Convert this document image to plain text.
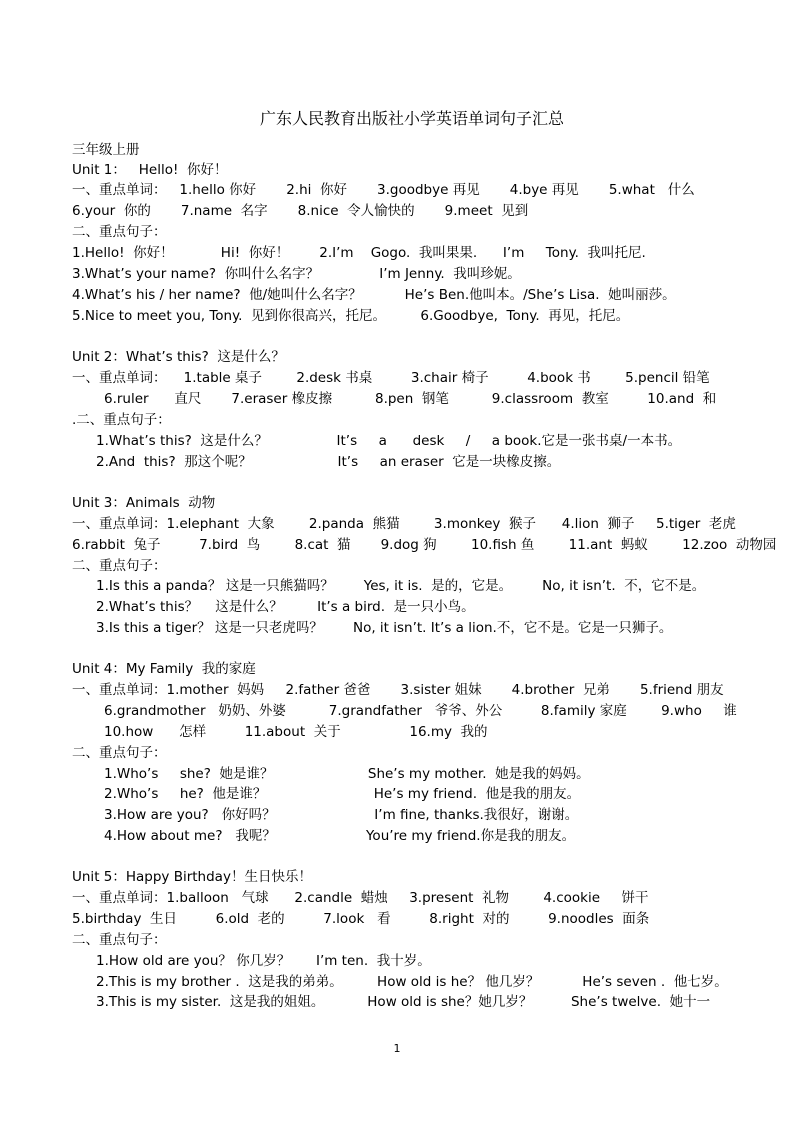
广东人民教育出版社小学英语单词句子汇总
三年级上册
Unit 1：   Hello!  你好！
一、重点单词：   1.hello 你好       2.hi  你好       3.goodbye 再见       4.bye 再见       5.what   什么
6.your  你的       7.name  名字       8.nice  令人愉快的       9.meet  见到
二、重点句子：
1.Hello!  你好！           Hi!  你好！       2.I’m    Gogo.  我叫果果.      I’m     Tony.  我叫托尼.
3.What’s your name?  你叫什么名字？              I’m Jenny.  我叫珍妮。
4.What’s his / her name?  他/她叫什么名字？          He’s Ben.他叫本。/She’s Lisa.  她叫丽莎。
5.Nice to meet you, Tony.  见到你很高兴，托尼。        6.Goodbye,  Tony.  再见，托尼。
Unit 2：What’s this?  这是什么？
一、重点单词：    1.table 桌子        2.desk 书桌         3.chair 椅子         4.book 书        5.pencil 铅笔
6.ruler      直尺       7.eraser 橡皮擦          8.pen  钢笔          9.classroom  教室         10.and  和
.二、重点句子：
1.What’s this?  这是什么？                It’s     a      desk     /     a book.它是一张书桌/一本书。
2.And  this?  那这个呢？                    It’s     an eraser  它是一块橡皮擦。
Unit 3：Animals  动物
一、重点单词：1.elephant  大象        2.panda  熊猫        3.monkey  猴子      4.lion  狮子     5.tiger  老虎
6.rabbit  兔子         7.bird  鸟        8.cat  猫       9.dog 狗        10.fish 鱼        11.ant  蚂蚁        12.zoo  动物园
二、重点句子：
1.Is this a panda？ 这是一只熊猫吗？       Yes, it is.  是的，它是。       No, it isn’t.  不，它不是。
2.What’s this？    这是什么？        It’s a bird.  是一只小鸟。
3.Is this a tiger？ 这是一只老虎吗？       No, it isn’t. It’s a lion.不，它不是。它是一只狮子。
Unit 4：My Family  我的家庭
一、重点单词：1.mother  妈妈     2.father 爸爸       3.sister 姐妹       4.brother  兄弟       5.friend 朋友
6.grandmother   奶奶、外婆          7.grandfather   爷爷、外公         8.family 家庭        9.who     谁
10.how      怎样         11.about  关于                16.my  我的
二、重点句子：
1.Who’s     she?  她是谁？                      She’s my mother.  她是我的妈妈。
2.Who’s     he?  他是谁？                         He’s my friend.  他是我的朋友。
3.How are you?   你好吗？                       I’m fine, thanks.我很好，谢谢。
4.How about me?   我呢？                     You’re my friend.你是我的朋友。
Unit 5：Happy Birthday！生日快乐！
一、重点单词：1.balloon   气球      2.candle  蜡烛     3.present  礼物        4.cookie     饼干
5.birthday  生日         6.old  老的         7.look   看         8.right  对的         9.noodles  面条
二、重点句子：
1.How old are you？ 你几岁？      I’m ten.  我十岁。
2.This is my brother .  这是我的弟弟。        How old is he？ 他几岁？          He’s seven .  他七岁。
3.This is my sister.  这是我的姐姐。          How old is she？她几岁？         She’s twelve.  她十一
1
